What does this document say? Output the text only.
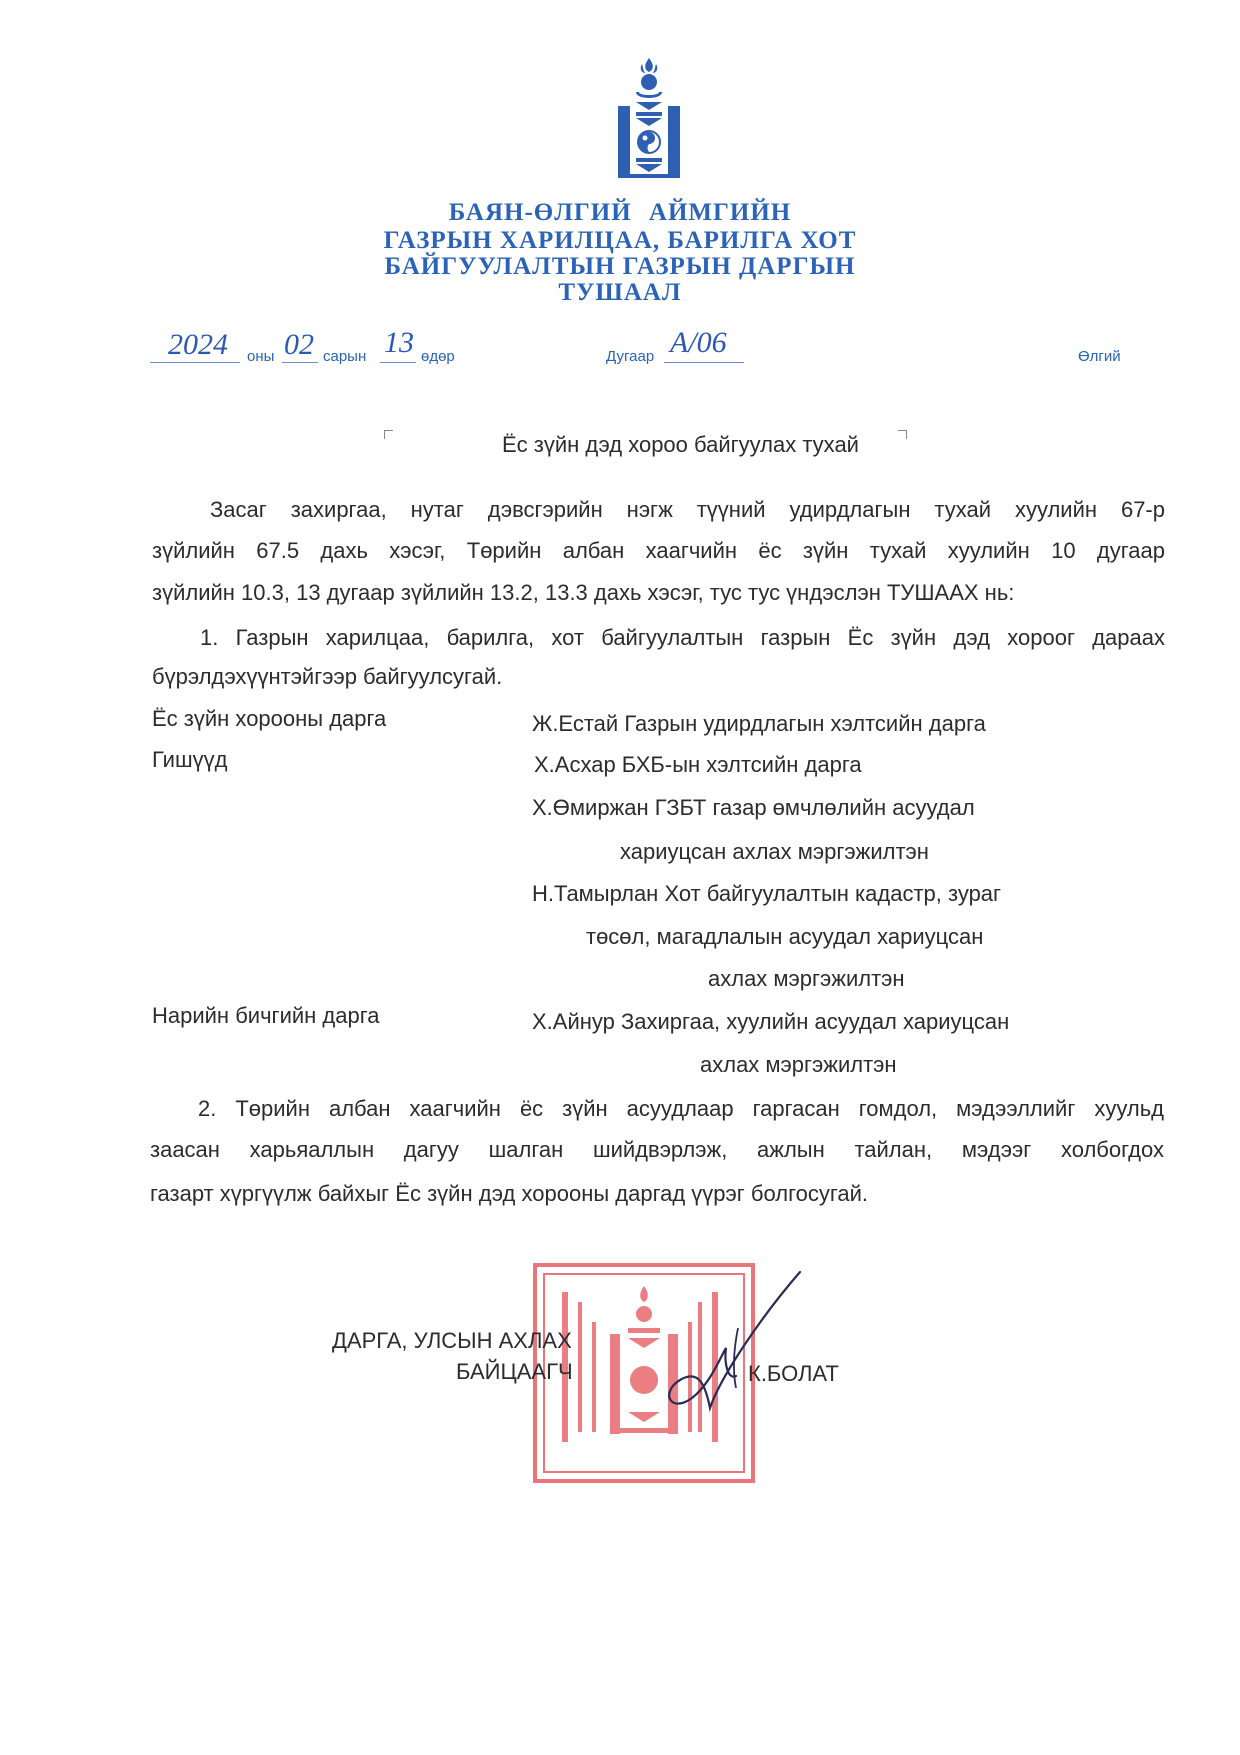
БАЯН-ӨЛГИЙ АЙМГИЙН
ГАЗРЫН ХАРИЛЦАА, БАРИЛГА ХОТ
БАЙГУУЛАЛТЫН ГАЗРЫН ДАРГЫН
ТУШААЛ
2024 оны 02 сарын 13 өдөр	Дугаар А/06	Өлгий
Ёс зүйн дэд хороо байгуулах тухай
Засаг захиргаа, нутаг дэвсгэрийн нэгж түүний удирдлагын тухай хуулийн 67-р
зүйлийн 67.5 дахь хэсэг, Төрийн албан хаагчийн ёс зүйн тухай хуулийн 10 дугаар
зүйлийн 10.3, 13 дугаар зүйлийн 13.2, 13.3 дахь хэсэг, тус тус үндэслэн ТУШААХ нь:
1. Газрын харилцаа, барилга, хот байгуулалтын газрын Ёс зүйн дэд хороог дараах
бүрэлдэхүүнтэйгээр байгуулсугай.
Ёс зүйн хорооны дарга	Ж.Естай Газрын удирдлагын хэлтсийн дарга
Гишүүд	Х.Асхар БХБ-ын хэлтсийн дарга
Х.Өмиржан ГЗБТ газар өмчлөлийн асуудал
хариуцсан ахлах мэргэжилтэн
Н.Тамырлан Хот байгуулалтын кадастр, зураг
төсөл, магадлалын асуудал хариуцсан
ахлах мэргэжилтэн
Нарийн бичгийн дарга	Х.Айнур Захиргаа, хуулийн асуудал хариуцсан
ахлах мэргэжилтэн
2. Төрийн албан хаагчийн ёс зүйн асуудлаар гаргасан гомдол, мэдээллийг хуульд
заасан харьяаллын дагуу шалган шийдвэрлэж, ажлын тайлан, мэдээг холбогдох
газарт хүргүүлж байхыг Ёс зүйн дэд хорооны даргад үүрэг болгосугай.
ДАРГА, УЛСЫН АХЛАХ
БАЙЦААГЧ	К.БОЛАТ
